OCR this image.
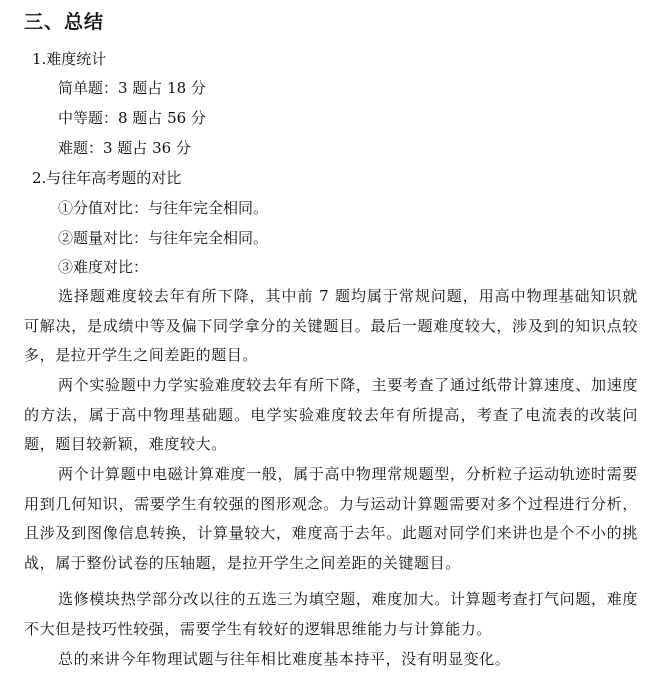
三、总结
1.难度统计
简单题：3 题占 18 分
中等题：8 题占 56 分
难题：3 题占 36 分
2.与往年高考题的对比
①分值对比：与往年完全相同。
②题量对比：与往年完全相同。
③难度对比：
选择题难度较去年有所下降，其中前 7 题均属于常规问题，用高中物理基础知识就可解决，是成绩中等及偏下同学拿分的关键题目。最后一题难度较大，涉及到的知识点较多，是拉开学生之间差距的题目。
两个实验题中力学实验难度较去年有所下降，主要考查了通过纸带计算速度、加速度的方法，属于高中物理基础题。电学实验难度较去年有所提高，考查了电流表的改装问题，题目较新颖，难度较大。
两个计算题中电磁计算难度一般，属于高中物理常规题型，分析粒子运动轨迹时需要用到几何知识，需要学生有较强的图形观念。力与运动计算题需要对多个过程进行分析，且涉及到图像信息转换，计算量较大，难度高于去年。此题对同学们来讲也是个不小的挑战，属于整份试卷的压轴题，是拉开学生之间差距的关键题目。
选修模块热学部分改以往的五选三为填空题，难度加大。计算题考查打气问题，难度不大但是技巧性较强，需要学生有较好的逻辑思维能力与计算能力。
总的来讲今年物理试题与往年相比难度基本持平，没有明显变化。
